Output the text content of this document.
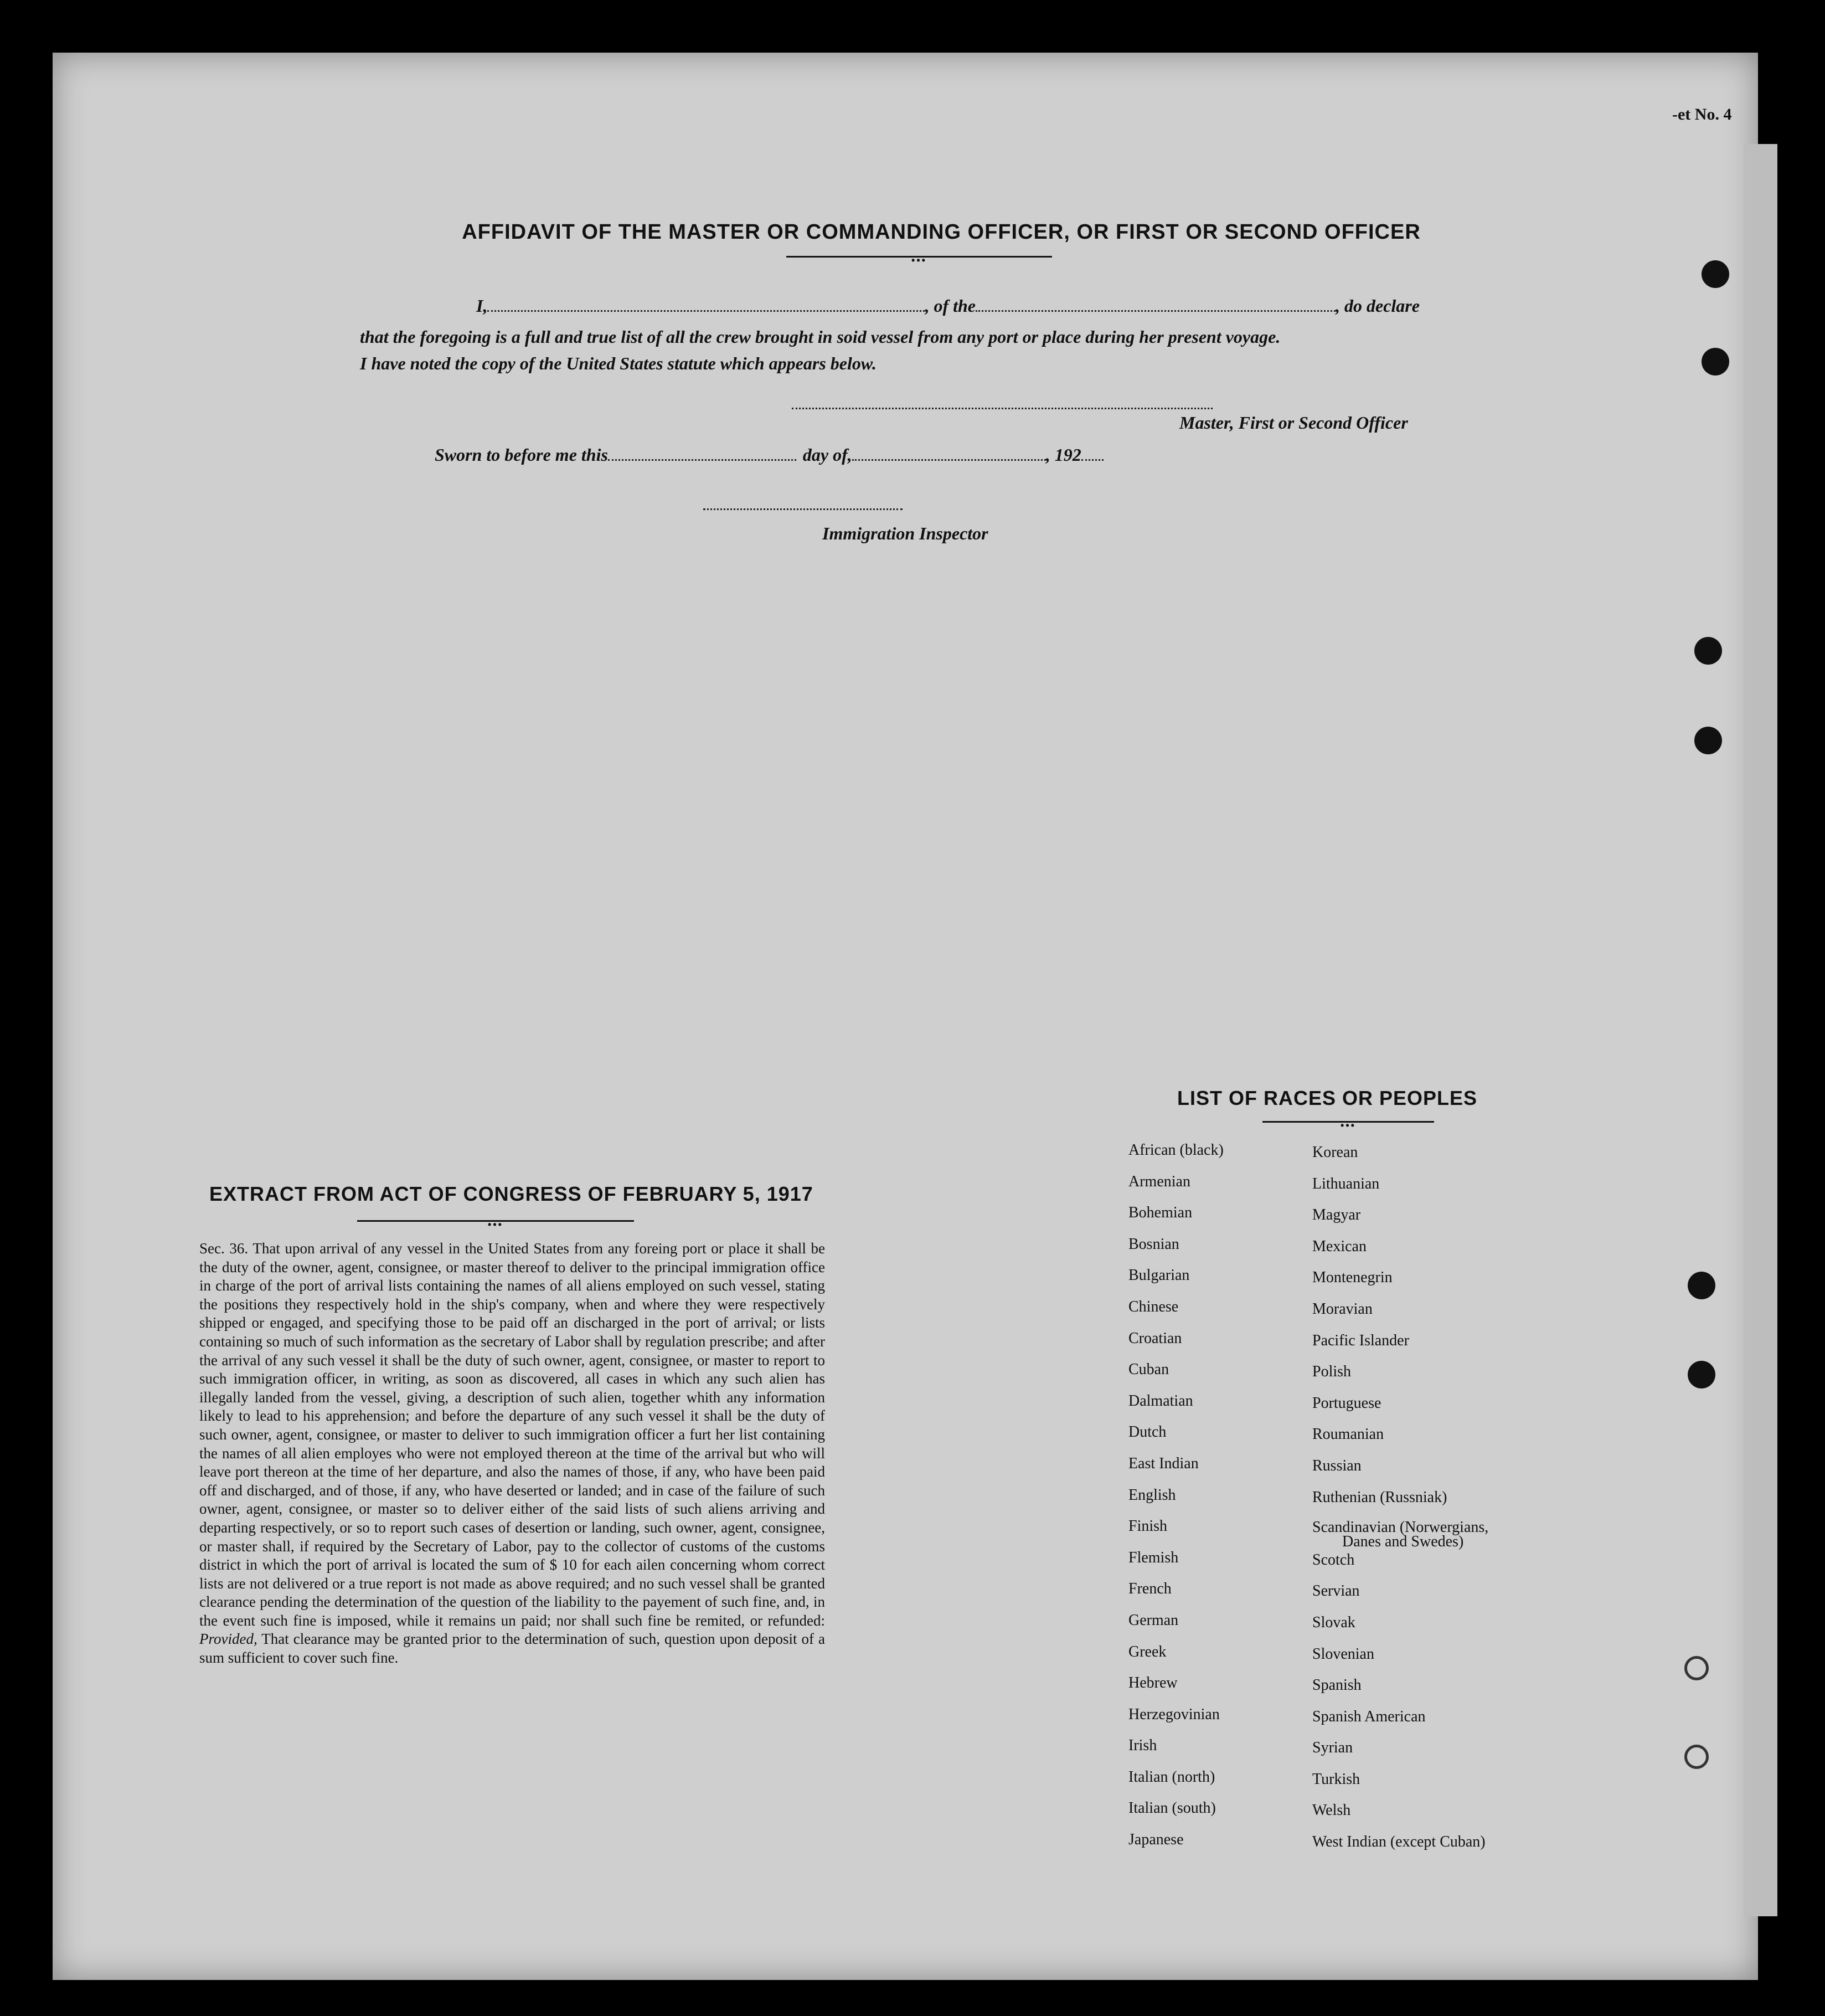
-et No. 4
AFFIDAVIT OF THE MASTER OR COMMANDING OFFICER, OR FIRST OR SECOND OFFICER
•••
I,	, of the	, do declare
that the foregoing is a full and true list of all the crew brought in soid vessel from any port or place during her present voyage.
I have noted the copy of the United States statute which appears below.
Master, First or Second Officer
Sworn to before me this	day of,	, 192
Immigration Inspector
EXTRACT FROM ACT OF CONGRESS OF FEBRUARY 5, 1917
•••
Sec. 36. That upon arrival of any vessel in the United States from any foreing port or place it shall be the duty of the owner, agent, consignee, or master thereof to deliver to the principal immigration office in charge of the port of arrival lists containing the names of all aliens employed on such vessel, stating the positions they respectively hold in the ship's company, when and where they were respectively shipped or engaged, and specifying those to be paid off an discharged in the port of arrival; or lists containing so much of such information as the secretary of Labor shall by regulation prescribe; and after the arrival of any such vessel it shall be the duty of such owner, agent, consignee, or master to report to such immigration officer, in writing, as soon as discovered, all cases in which any such alien has illegally landed from the vessel, giving, a description of such alien, together whith any information likely to lead to his apprehension; and before the departure of any such vessel it shall be the duty of such owner, agent, consignee, or master to deliver to such immigration officer a furt her list containing the names of all alien employes who were not employed thereon at the time of the arrival but who will leave port thereon at the time of her departure, and also the names of those, if any, who have been paid off and discharged, and of those, if any, who have deserted or landed; and in case of the failure of such owner, agent, consignee, or master so to deliver either of the said lists of such aliens arriving and departing respectively, or so to report such cases of desertion or landing, such owner, agent, consignee, or master shall, if required by the Secretary of Labor, pay to the collector of customs of the customs district in which the port of arrival is located the sum of $ 10 for each ailen concerning whom correct lists are not delivered or a true report is not made as above required; and no such vessel shall be granted clearance pending the determination of the question of the liability to the payement of such fine, and, in the event such fine is imposed, while it remains un paid; nor shall such fine be remited, or refunded: Provided, That clearance may be granted prior to the determination of such, question upon deposit of a sum sufficient to cover such fine.
LIST OF RACES OR PEOPLES
•••
African (black)
Armenian
Bohemian
Bosnian
Bulgarian
Chinese
Croatian
Cuban
Dalmatian
Dutch
East Indian
English
Finish
Flemish
French
German
Greek
Hebrew
Herzegovinian
Irish
Italian (north)
Italian (south)
Japanese
Korean
Lithuanian
Magyar
Mexican
Montenegrin
Moravian
Pacific Islander
Polish
Portuguese
Roumanian
Russian
Ruthenian (Russniak)
Scandinavian (Norwergians,
Danes and Swedes)
Scotch
Servian
Slovak
Slovenian
Spanish
Spanish American
Syrian
Turkish
Welsh
West Indian (except Cuban)
